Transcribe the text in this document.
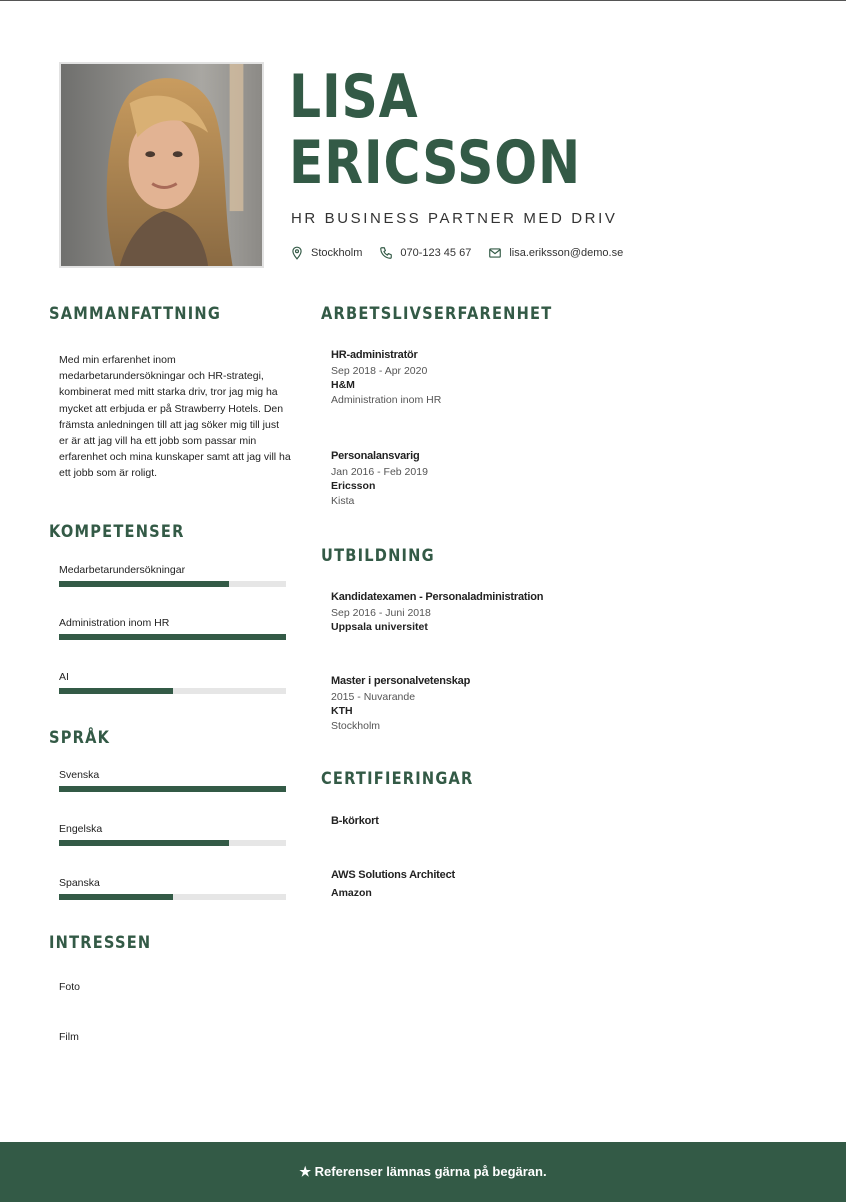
LISA
ERICSSON
HR BUSINESS PARTNER MED DRIV
Stockholm	070-123 45 67	lisa.eriksson@demo.se
SAMMANFATTNING
Med min erfarenhet inom medarbetarundersökningar och HR-strategi, kombinerat med mitt starka driv, tror jag mig ha mycket att erbjuda er på Strawberry Hotels. Den främsta anledningen till att jag söker mig till just er är att jag vill ha ett jobb som passar min erfarenhet och mina kunskaper samt att jag vill ha ett jobb som är roligt.
KOMPETENSER
Medarbetarundersökningar
Administration inom HR
AI
SPRÅK
Svenska
Engelska
Spanska
INTRESSEN
Foto
Film
ARBETSLIVSERFARENHET
HR-administratör
Sep 2018 - Apr 2020
H&M
Administration inom HR
Personalansvarig
Jan 2016 - Feb 2019
Ericsson
Kista
UTBILDNING
Kandidatexamen - Personaladministration
Sep 2016 - Juni 2018
Uppsala universitet
Master i personalvetenskap
2015 - Nuvarande
KTH
Stockholm
CERTIFIERINGAR
B-körkort
AWS Solutions Architect
Amazon
★ Referenser lämnas gärna på begäran.
